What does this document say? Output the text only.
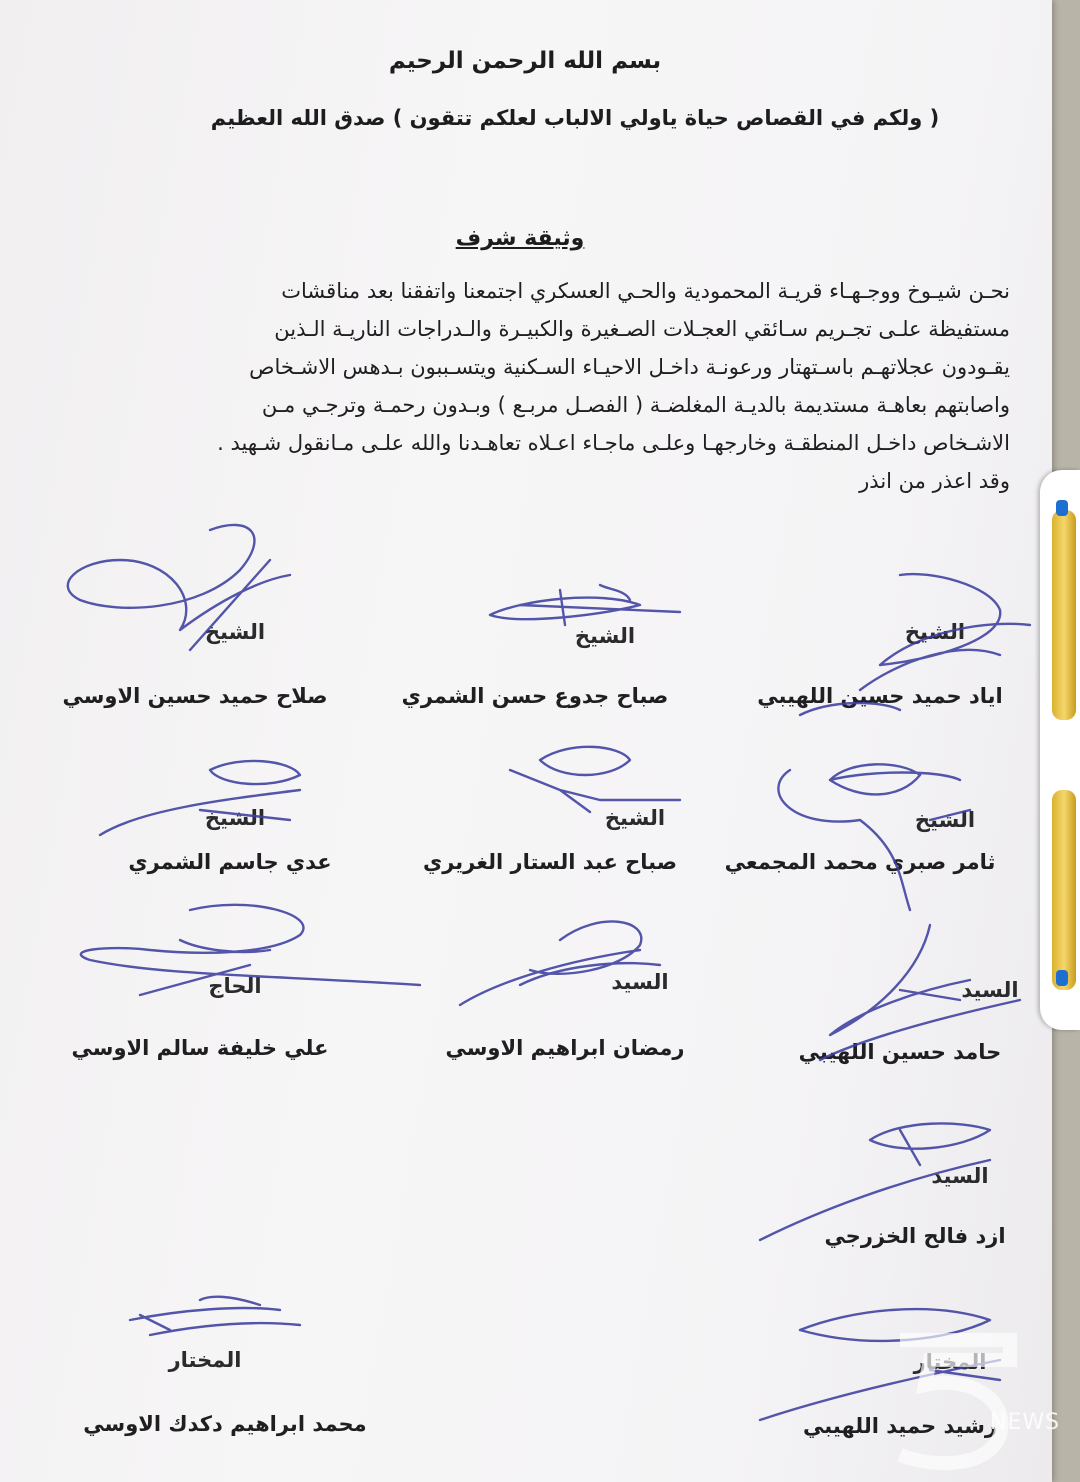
بسم الله الرحمن الرحيم
( ولكم في القصاص حياة ياولي الالباب لعلكم تتقون ) صدق الله العظيم
وثيقة شرف

نحـن شيـوخ ووجـهـاء قريـة المحمودية والحـي العسكري اجتمعنا واتفقنا بعد مناقشات

مستفيظة علـى تجـريم سـائقي العجـلات الصـغيرة والكبيـرة والـدراجات الناريـة الـذين

يقـودون عجلاتهـم باسـتهتار ورعونـة داخـل الاحيـاء السـكنية ويتسـببون بـدهس الاشـخاص

واصابتهم بعاهـة مستديمة بالديـة المغلضـة ( الفصـل مربـع ) وبـدون رحمـة وترجـي مـن

الاشـخاص داخـل المنطقـة وخارجهـا وعلـى ماجـاء اعـلاه تعاهـدنا والله علـى مـانقول شـهيد .

وقد اعذر من انذر

الشيخ
اياد حميد حسين اللهيبي
الشيخ
صباح جدوع حسن الشمري
الشيخ
صلاح حميد حسين الاوسي
الشيخ
ثامر صبري محمد المجمعي
الشيخ
صباح عبد الستار الغريري
الشيخ
عدي جاسم الشمري
السيد
حامد حسين اللهيبي
السيد
رمضان ابراهيم الاوسي
الحاج
علي خليفة سالم الاوسي
السيد
ازد فالح الخزرجي
المختار
رشيد حميد اللهيبي
المختار
محمد ابراهيم دكدك الاوسي	NEWS
